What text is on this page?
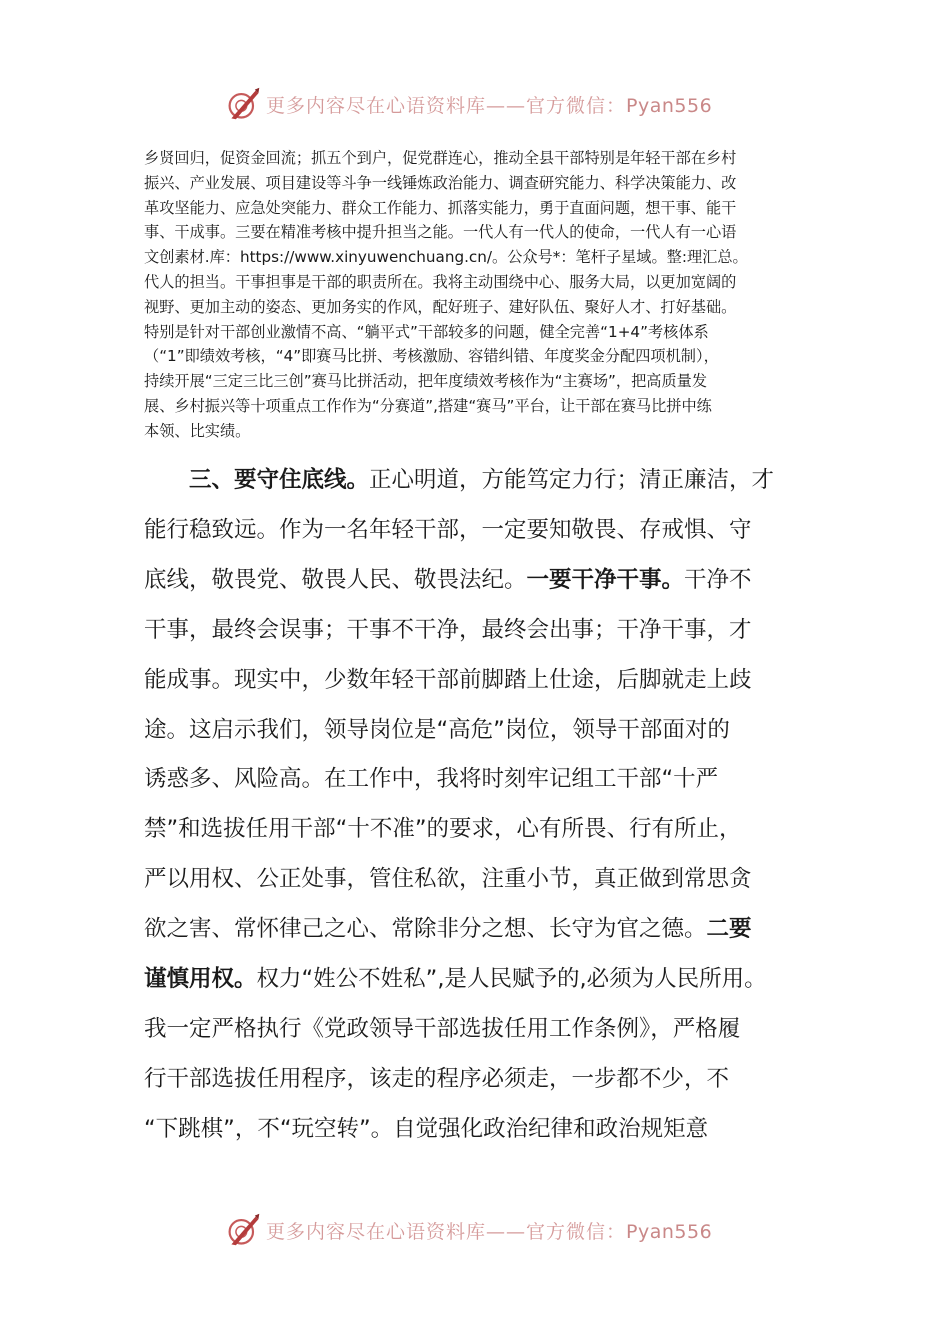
更多内容尽在心语资料库——官方微信：Pyan556

乡贤回归，促资金回流；抓五个到户，促党群连心，推动全县干部特别是年轻干部在乡村

振兴、产业发展、项目建设等斗争一线锤炼政治能力、调查研究能力、科学决策能力、改

革攻坚能力、应急处突能力、群众工作能力、抓落实能力，勇于直面问题，想干事、能干

事、干成事。三要在精准考核中提升担当之能。一代人有一代人的使命，一代人有一心语

文创素材.库：https://www.xinyuwenchuang.cn/。公众号*：笔杆子星域。整:理汇总。

代人的担当。干事担事是干部的职责所在。我将主动围绕中心、服务大局，以更加宽阔的

视野、更加主动的姿态、更加务实的作风，配好班子、建好队伍、聚好人才、打好基础。

特别是针对干部创业激情不高、“躺平式”干部较多的问题，健全完善“1+4”考核体系

（“1”即绩效考核，“4”即赛马比拼、考核激励、容错纠错、年度奖金分配四项机制），

持续开展“三定三比三创”赛马比拼活动，把年度绩效考核作为“主赛场”，把高质量发

展、乡村振兴等十项重点工作作为“分赛道”,搭建“赛马”平台，让干部在赛马比拼中练

本领、比实绩。

三、要守住底线。正心明道，方能笃定力行；清正廉洁，才

能行稳致远。作为一名年轻干部，一定要知敬畏、存戒惧、守

底线，敬畏党、敬畏人民、敬畏法纪。一要干净干事。干净不

干事，最终会误事；干事不干净，最终会出事；干净干事，才

能成事。现实中，少数年轻干部前脚踏上仕途，后脚就走上歧

途。这启示我们，领导岗位是“高危”岗位，领导干部面对的

诱惑多、风险高。在工作中，我将时刻牢记组工干部“十严

禁”和选拔任用干部“十不准”的要求，心有所畏、行有所止，

严以用权、公正处事，管住私欲，注重小节，真正做到常思贪

欲之害、常怀律己之心、常除非分之想、长守为官之德。二要

谨慎用权。权力“姓公不姓私”,是人民赋予的,必须为人民所用。

我一定严格执行《党政领导干部选拔任用工作条例》，严格履

行干部选拔任用程序，该走的程序必须走，一步都不少，不

“下跳棋”，不“玩空转”。自觉强化政治纪律和政治规矩意

更多内容尽在心语资料库——官方微信：Pyan556
